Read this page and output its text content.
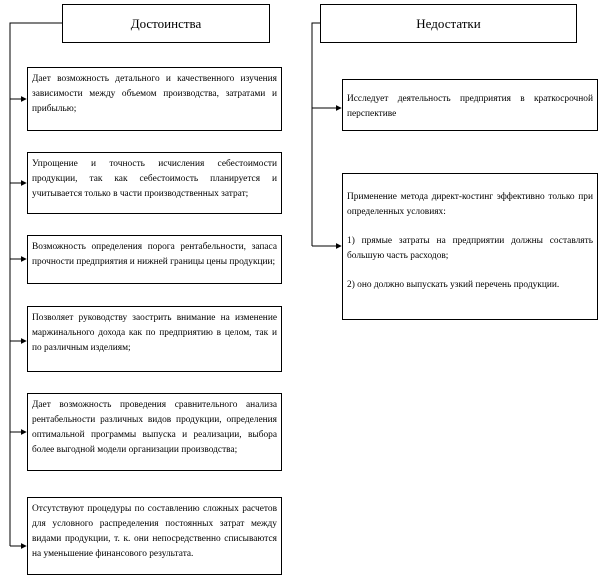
Достоинства	Недостатки

Дает возможность детального и качественного изучения зависимости между объемом производства, затратами и прибылью;

Упрощение и точность исчисления себестоимости продукции, так как себестоимость планируется и учитывается только в части производственных затрат;

Возможность определения порога рентабельности, запаса прочности предприятия и нижней границы цены продукции;

Позволяет руководству заострить внимание на изменение маржинального дохода как по предприятию в целом, так и по различным изделиям;

Дает возможность проведения сравнительного анализа рентабельности различных видов продукции, определения оптимальной программы выпуска и реализации, выбора более выгодной модели организации производства;

Отсутствуют процедуры по составлению сложных расчетов для условного распределения постоянных затрат между видами продукции, т. к. они непосредственно списываются на уменьшение финансового результата.

Исследует деятельность предприятия в краткосрочной перспективе

Применение метода директ-костинг эффективно только при определенных условиях:

1) прямые затраты на предприятии должны составлять большую часть расходов;

2) оно должно выпускать узкий перечень продукции.
